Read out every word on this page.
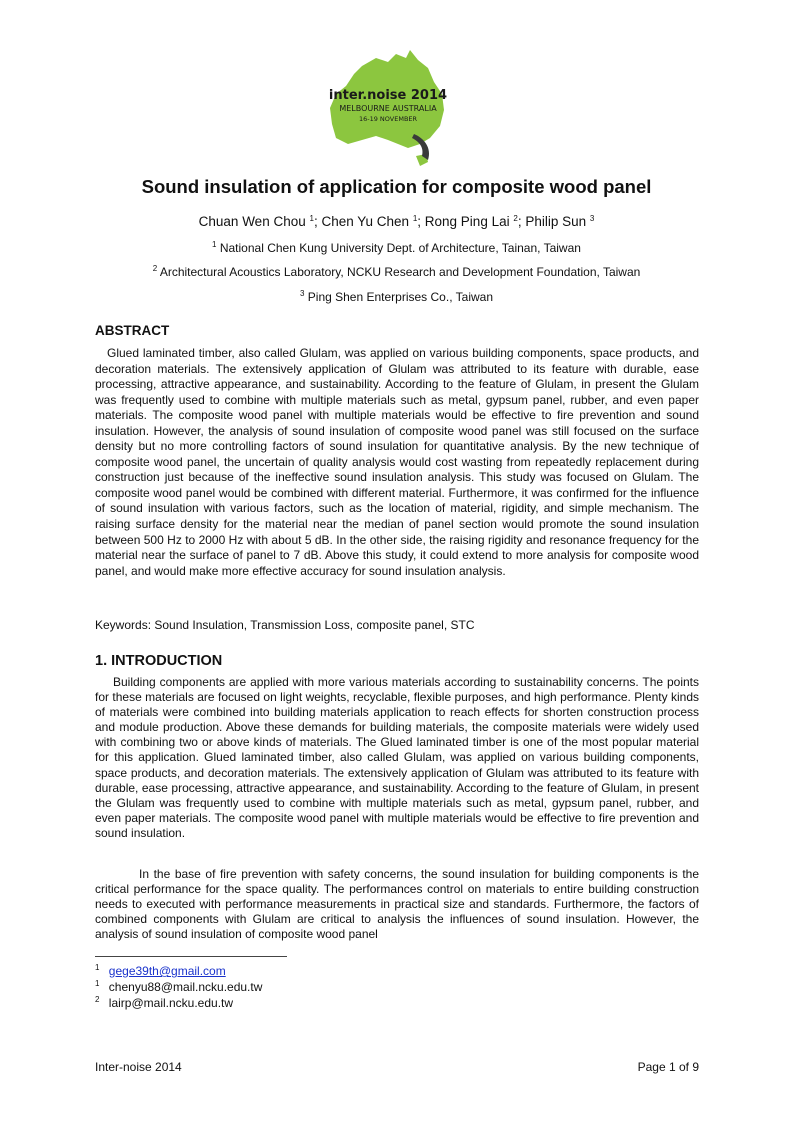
inter.noise 2014
MELBOURNE AUSTRALIA
16-19 NOVEMBER
Sound insulation of application for composite wood panel
Chuan Wen Chou $^1$; Chen Yu Chen $^1$; Rong Ping Lai $^2$; Philip Sun $^3$
$^1$ National Chen Kung University Dept. of Architecture, Tainan, Taiwan
$^2$ Architectural Acoustics Laboratory, NCKU Research and Development Foundation, Taiwan
$^3$ Ping Shen Enterprises Co., Taiwan
ABSTRACT

Glued laminated timber, also called Glulam, was applied on various building components, space products, and decoration materials. The extensively application of Glulam was attributed to its feature with durable, ease processing, attractive appearance, and sustainability. According to the feature of Glulam, in present the Glulam was frequently used to combine with multiple materials such as metal, gypsum panel, rubber, and even paper materials. The composite wood panel with multiple materials would be effective to fire prevention and sound insulation. However, the analysis of sound insulation of composite wood panel was still focused on the surface density but no more controlling factors of sound insulation for quantitative analysis. By the new technique of composite wood panel, the uncertain of quality analysis would cost wasting from repeatedly replacement during construction just because of the ineffective sound insulation analysis. This study was focused on Glulam. The composite wood panel would be combined with different material. Furthermore, it was confirmed for the influence of sound insulation with various factors, such as the location of material, rigidity, and simple mechanism. The raising surface density for the material near the median of panel section would promote the sound insulation between 500 Hz to 2000 Hz with about 5 dB. In the other side, the raising rigidity and resonance frequency for the material near the surface of panel to 7 dB. Above this study, it could extend to more analysis for composite wood panel, and would make more effective accuracy for sound insulation analysis.

Keywords: Sound Insulation, Transmission Loss, composite panel, STC
1. INTRODUCTION

Building components are applied with more various materials according to sustainability concerns. The points for these materials are focused on light weights, recyclable, flexible purposes, and high performance. Plenty kinds of materials were combined into building materials application to reach effects for shorten construction process and module production. Above these demands for building materials, the composite materials were widely used with combining two or above kinds of materials. The Glued laminated timber is one of the most popular material for this application. Glued laminated timber, also called Glulam, was applied on various building components, space products, and decoration materials. The extensively application of Glulam was attributed to its feature with durable, ease processing, attractive appearance, and sustainability. According to the feature of Glulam, in present the Glulam was frequently used to combine with multiple materials such as metal, gypsum panel, rubber, and even paper materials. The composite wood panel with multiple materials would be effective to fire prevention and sound insulation.

In the base of fire prevention with safety concerns, the sound insulation for building components is the critical performance for the space quality. The performances control on materials to entire building construction needs to executed with performance measurements in practical size and standards. Furthermore, the factors of combined components with Glulam are critical to analysis the influences of sound insulation. However, the analysis of sound insulation of composite wood panel

$^1$ gege39th@gmail.com
$^1$ chenyu88@mail.ncku.edu.tw
$^2$ lairp@mail.ncku.edu.tw
Inter-noise 2014	Page 1 of 9
